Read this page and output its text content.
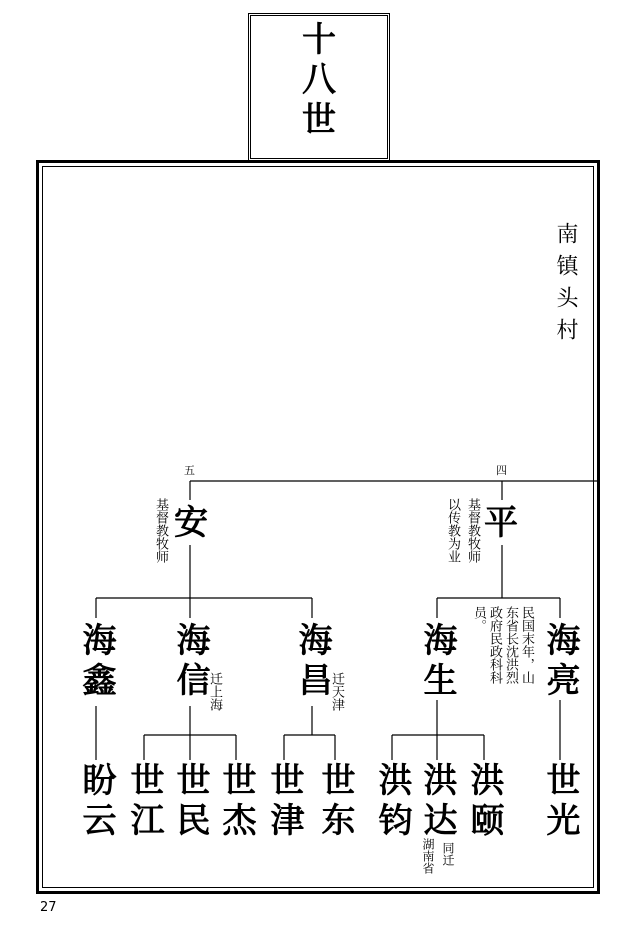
十八世
南镇头村
五	四
安
基督教牧师	平
基督教牧师
以传教为业
海鑫 海信
迁上海 海昌
迁天津 海生 海亮
民国末年，山
东省长沈洪烈
政府民政科科
员。
盼云 世江 世民 世杰 世津 世东 洪钧 洪达 洪颐
同迁
湖南省
世光
27
